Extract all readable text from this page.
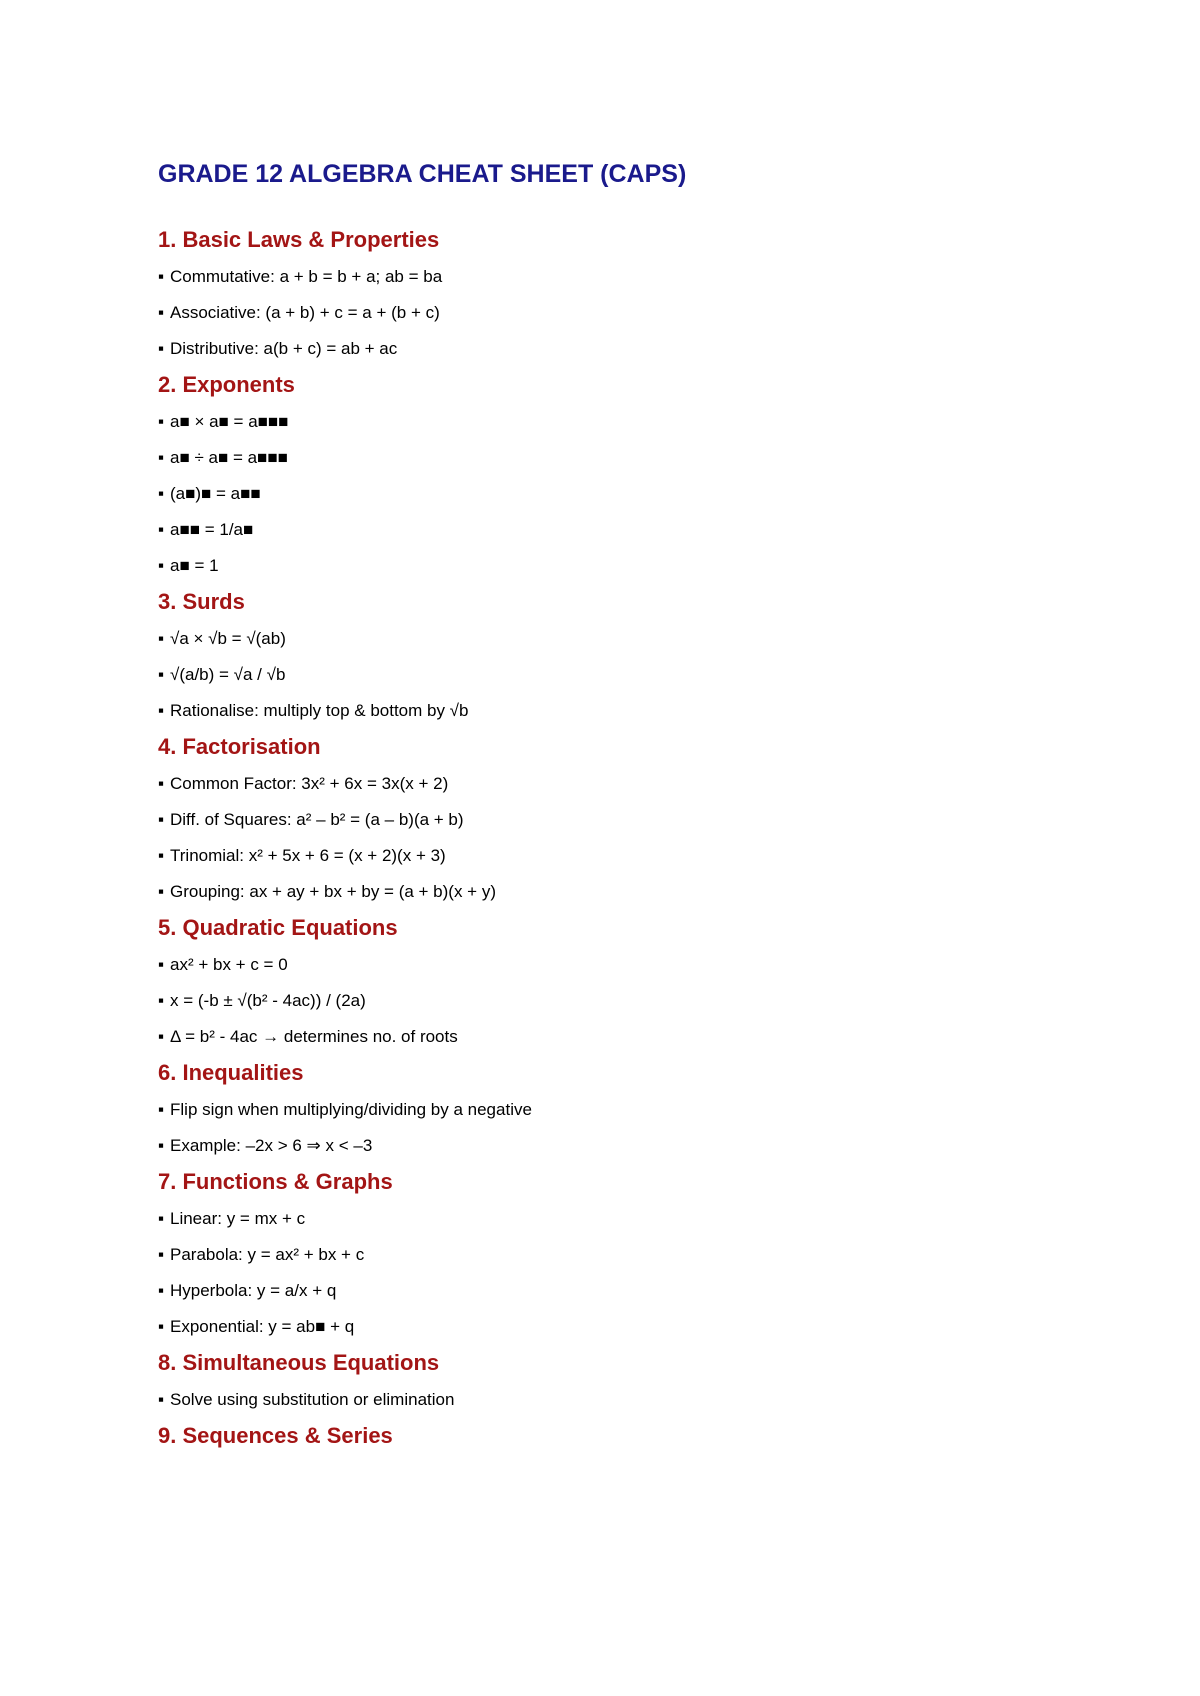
GRADE 12 ALGEBRA CHEAT SHEET (CAPS)
1. Basic Laws & Properties
▪ Commutative: a + b = b + a; ab = ba
▪ Associative: (a + b) + c = a + (b + c)
▪ Distributive: a(b + c) = ab + ac
2. Exponents
▪ a■ × a■ = a■■■
▪ a■ ÷ a■ = a■■■
▪ (a■)■ = a■■
▪ a■■ = 1/a■
▪ a■ = 1
3. Surds
▪ √a × √b = √(ab)
▪ √(a/b) = √a / √b
▪ Rationalise: multiply top & bottom by √b
4. Factorisation
▪ Common Factor: 3x² + 6x = 3x(x + 2)
▪ Diff. of Squares: a² – b² = (a – b)(a + b)
▪ Trinomial: x² + 5x + 6 = (x + 2)(x + 3)
▪ Grouping: ax + ay + bx + by = (a + b)(x + y)
5. Quadratic Equations
▪ ax² + bx + c = 0
▪ x = (-b ± √(b² - 4ac)) / (2a)
▪ Δ = b² - 4ac → determines no. of roots
6. Inequalities
▪ Flip sign when multiplying/dividing by a negative
▪ Example: –2x > 6 ⇒ x < –3
7. Functions & Graphs
▪ Linear: y = mx + c
▪ Parabola: y = ax² + bx + c
▪ Hyperbola: y = a/x + q
▪ Exponential: y = ab■ + q
8. Simultaneous Equations
▪ Solve using substitution or elimination
9. Sequences & Series
